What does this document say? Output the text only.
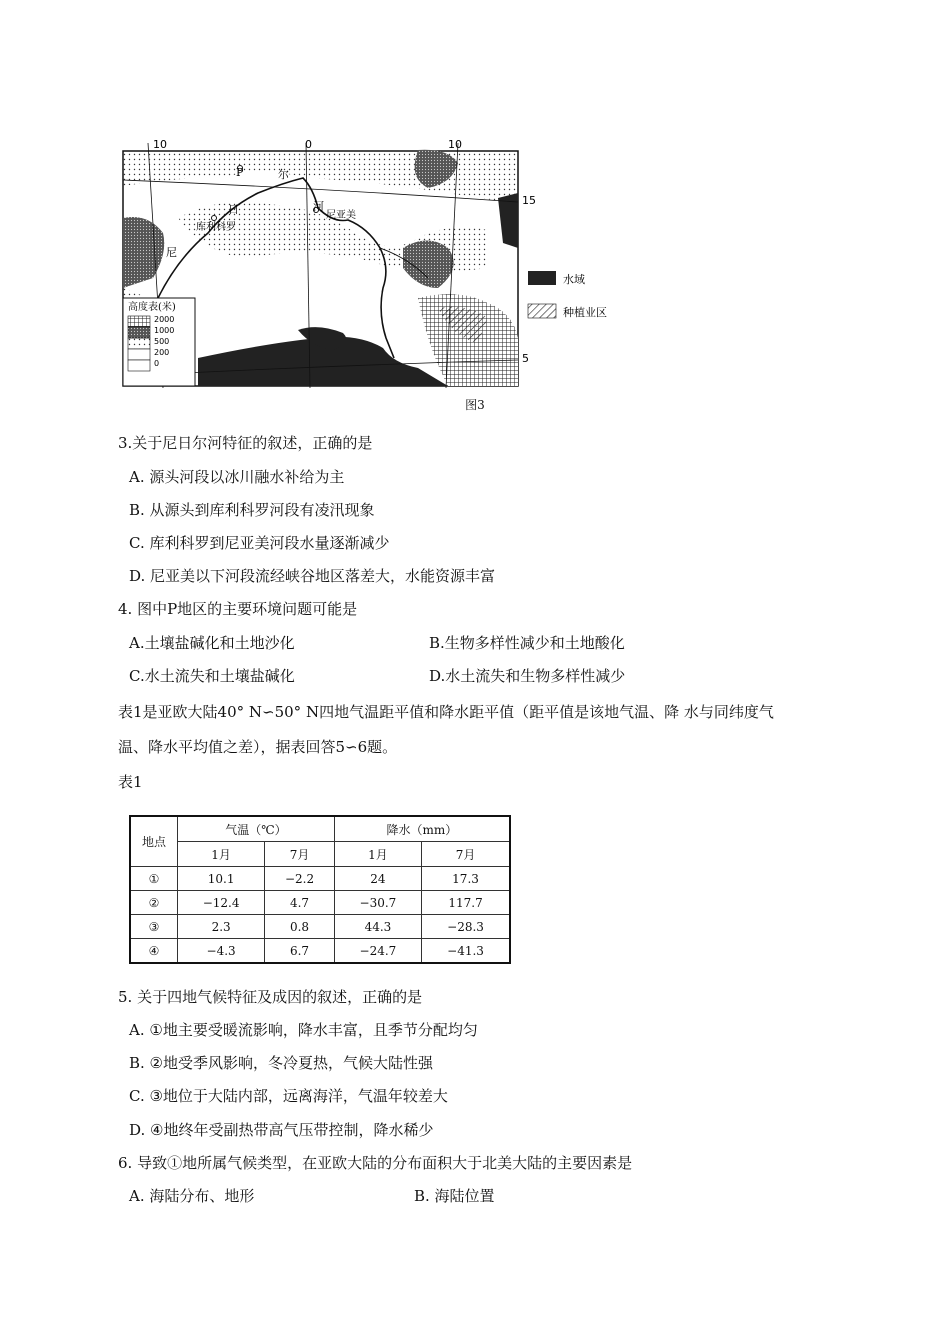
10	0	10
15
5
P	尔
日	河
尼亚美
库利科罗
尼
高度表(米)
2000
1000
500
200
0
水域
种植业区
图3
3.关于尼日尔河特征的叙述，正确的是
A. 源头河段以冰川融水补给为主
B. 从源头到库利科罗河段有凌汛现象
C. 库利科罗到尼亚美河段水量逐渐减少
D. 尼亚美以下河段流经峡谷地区落差大，水能资源丰富
4. 图中P地区的主要环境问题可能是
A.土壤盐碱化和土地沙化	B.生物多样性减少和土地酸化
C.水土流失和土壤盐碱化	D.水土流失和生物多样性减少
表1是亚欧大陆40° N∽50° N四地气温距平值和降水距平值（距平值是该地气温、降 水与同纬度气
温、降水平均值之差），据表回答5∽6题。
表1
地点	气温（℃）		降水（mm）	
	1月	7月	1月	7月
①	10.1	−2.2	24	17.3
②	−12.4	4.7	−30.7	117.7
③	2.3	0.8	44.3	−28.3
④	−4.3	6.7	−24.7	−41.3
5. 关于四地气候特征及成因的叙述，正确的是
A. ①地主要受暖流影响，降水丰富，且季节分配均匀
B. ②地受季风影响，冬冷夏热，气候大陆性强
C. ③地位于大陆内部，远离海洋，气温年较差大
D. ④地终年受副热带高气压带控制，降水稀少
6. 导致①地所属气候类型，在亚欧大陆的分布面积大于北美大陆的主要因素是
A. 海陆分布、地形	B. 海陆位置
